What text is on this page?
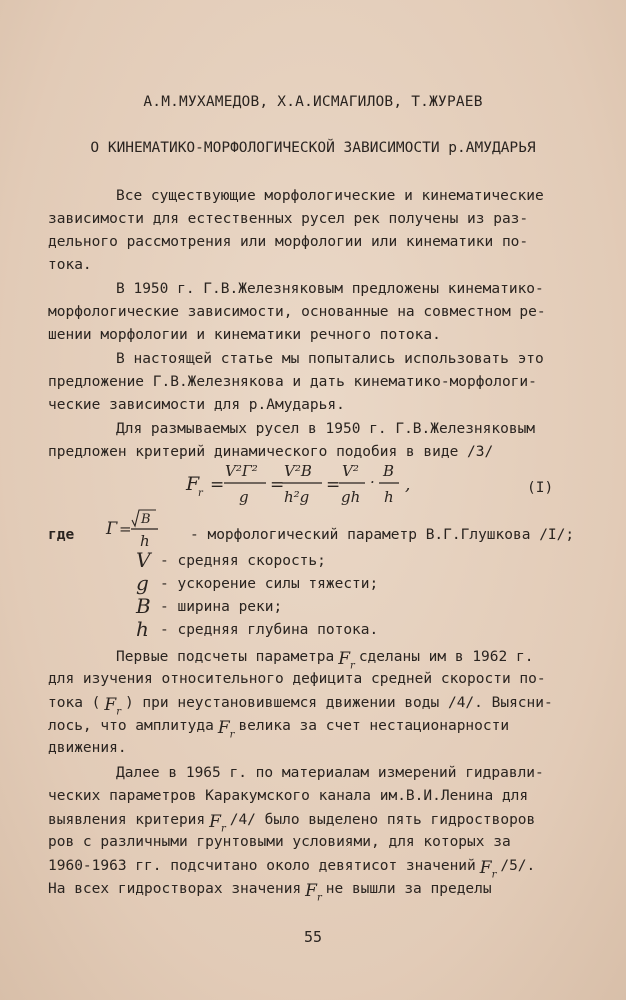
А.М.МУХАМЕДОВ, Х.А.ИСМАГИЛОВ, Т.ЖУРАЕВ
О КИНЕМАТИКО-МОРФОЛОГИЧЕСКОЙ ЗАВИСИМОСТИ р.АМУДАРЬЯ
Все существующие морфологические и кинематические
зависимости для естественных русел рек получены из раз-
дельного рассмотрения или морфологии или кинематики по-
тока.
В 1950 г. Г.В.Железняковым предложены кинематико-
морфологические зависимости, основанные на совместном ре-
шении морфологии и кинематики речного потока.
В настоящей статье мы попытались использовать это
предложение Г.В.Железнякова и дать кинематико-морфологи-
ческие зависимости для р.Амударья.
Для размываемых русел в 1950 г. Г.В.Железняковым
предложен критерий динамического подобия в виде /3/
F
r =
V²Г²
g
=
V²B
h²g
=
V²
gh
·
B
h
,	(I)
где Г =
B
h	- морфологический параметр В.Г.Глушкова /I/;
V - средняя скорость;
g - ускорение силы тяжести;
B - ширина реки;
h - средняя глубина потока.
Первые подсчеты параметра $F_rсделаны$ им в 1962 г.
для изучения относительного дефицита средней скорости по-
тока ( $F_r$) при неустановившемся движении воды /4/. Выясни-
лось, что амплитуда $F_rвелика$ за счет нестационарности
движения.
Далее в 1965 г. по материалам измерений гидравли-
ческих параметров Каракумского канала им.В.И.Ленина для
выявления критерия $F_r/4/$ было выделено пять гидростворов
ров с различными грунтовыми условиями, для которых за
1960-1963 гг. подсчитано около девятисот значений $F_r/5/$.
На всех гидростворах значения $F_rне$ вышли за пределы
55
